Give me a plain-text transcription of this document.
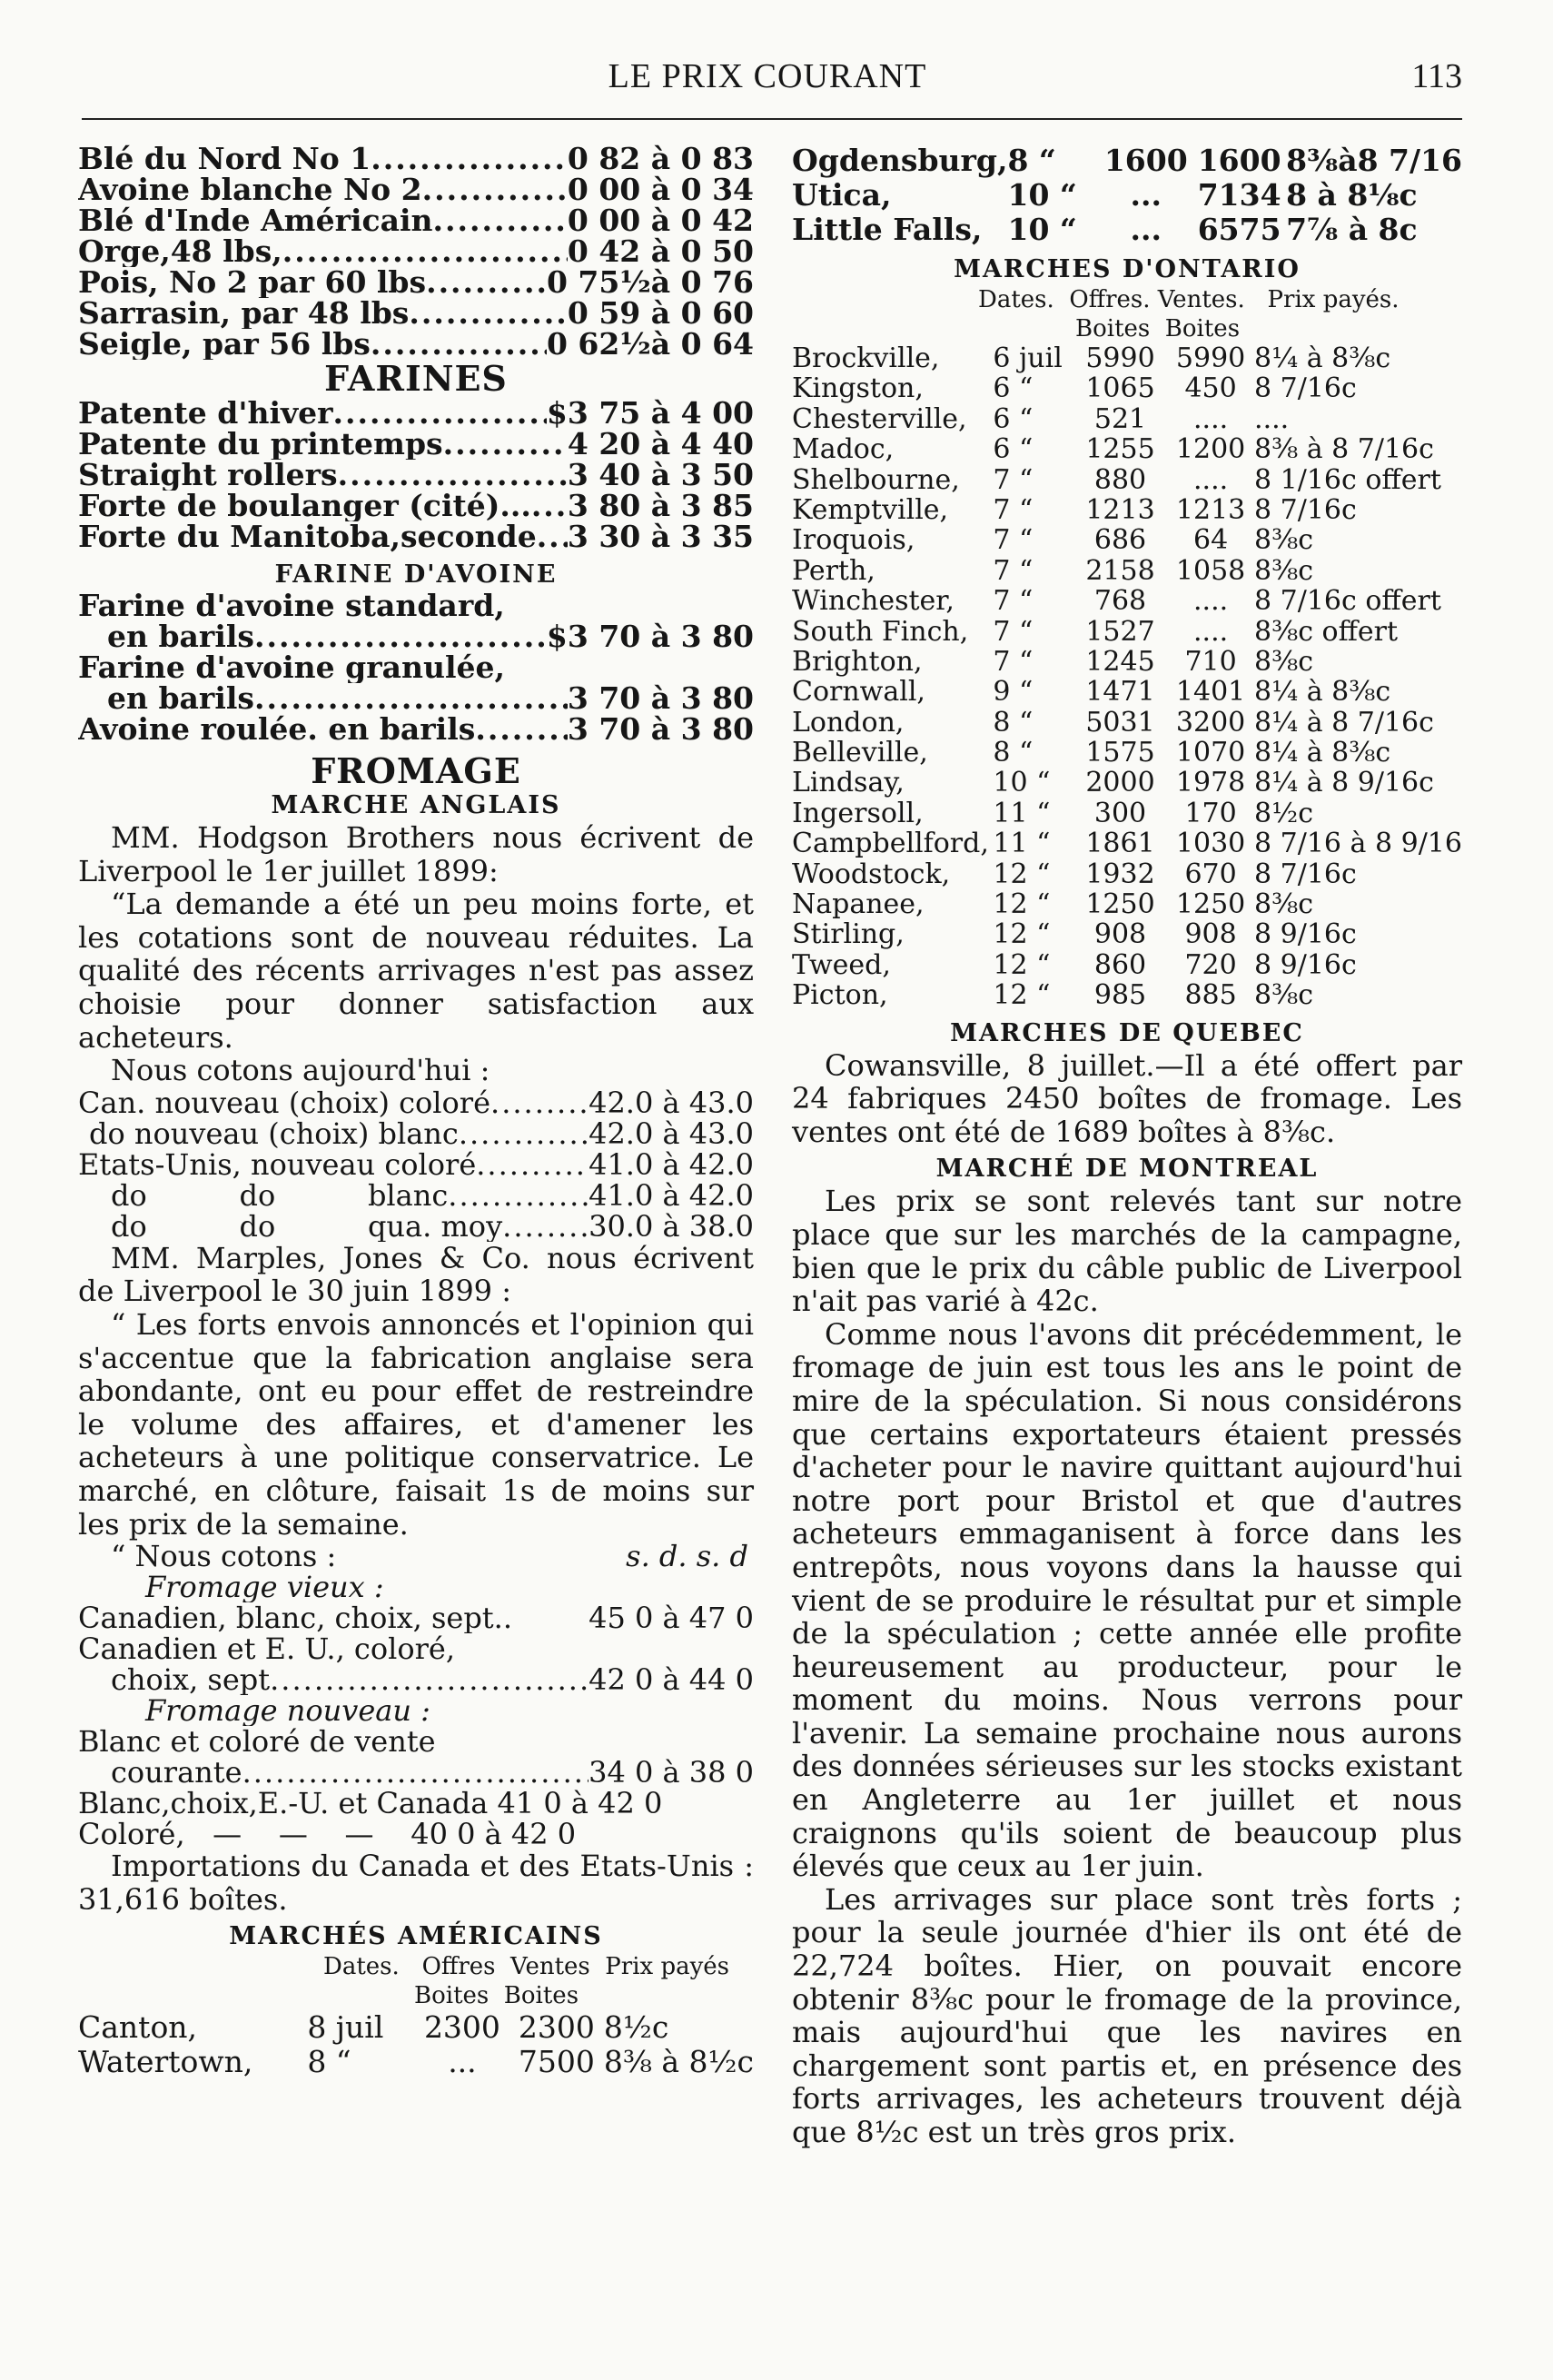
LE PRIX COURANT	113
Blé du Nord No 1 .....	0 82 à 0 83
Avoine blanche No 2 .....	0 00 à 0 34
Blé d'Inde Américain .....	0 00 à 0 42
Orge,48 lbs, .....	0 42 à 0 50
Pois, No 2 par 60 lbs .....	0 75½à 0 76
Sarrasin, par 48 lbs .....	0 59 à 0 60
Seigle, par 56 lbs .....	0 62½à 0 64
FARINES
Patente d'hiver .....	$3 75 à 4 00
Patente du printemps .....	4 20 à 4 40
Straight rollers .....	3 40 à 3 50
Forte de boulanger (cité)... ..... 3 80 à 3 85
Forte du Manitoba,seconde ..... 3 30 à 3 35
FARINE D'AVOINE
Farine d'avoine standard,
en barils .....	$3 70 à 3 80
Farine d'avoine granulée,
en barils .....	3 70 à 3 80
Avoine roulée. en barils .....	3 70 à 3 80
FROMAGE
MARCHE ANGLAIS

MM. Hodgson Brothers nous écrivent de Liverpool le 1er juillet 1899:

“La demande a été un peu moins forte, et les cotations sont de nouveau réduites. La qualité des récents arrivages n'est pas assez choisie pour donner satisfaction aux acheteurs.

Nous cotons aujourd'hui :

Can. nouveau (choix) coloré .....	42.0 à 43.0
do nouveau (choix) blanc .....	42.0 à 43.0
Etats-Unis, nouveau coloré .....	41.0 à 42.0
do          do          blanc .....	41.0 à 42.0
do          do          qua. moy .....	30.0 à 38.0

MM. Marples, Jones & Co. nous écrivent de Liverpool le 30 juin 1899 :

“ Les forts envois annoncés et l'opinion qui s'accentue que la fabrication anglaise sera abondante, ont eu pour effet de restreindre le volume des affaires, et d'amener les acheteurs à une politique conservatrice. Le marché, en clôture, faisait 1s de moins sur les prix de la semaine.

“ Nous cotons :	s. d. s. d
Fromage vieux :
Canadien, blanc, choix, sept..	45 0 à 47 0
Canadien et E. U., coloré,
choix, sept .....	42 0 à 44 0
Fromage nouveau :
Blanc et coloré de vente
courante .....	34 0 à 38 0
Blanc,choix,E.-U. et Canada 41 0 à 42 0
Coloré,   —    —    —    40 0 à 42 0

Importations du Canada et des Etats-Unis : 31,616 boîtes.

MARCHÉS AMÉRICAINS
Dates.   Offres  Ventes  Prix payés
Boites  Boites
Canton,	8 juil	2300	2300	8½c
Watertown,	8 “	...	7500	8⅜ à 8½c
Ogdensburg,	8 “	1600	1600	8⅜à8 7/16
Utica,	10 “	...	7134	8 à 8⅛c
Little Falls,	10 “	...	6575	7⅞ à 8c
MARCHES D'ONTARIO
Dates.  Offres. Ventes.   Prix payés.
Boites  Boites
Brockville,	6 juil	5990	5990	8¼ à 8⅜c
Kingston,	6 “	1065	450	8 7/16c
Chesterville,	6 “	521	....	....
Madoc,	6 “	1255	1200	8⅜ à 8 7/16c
Shelbourne,	7 “	880	....	8 1/16c offert
Kemptville,	7 “	1213	1213	8 7/16c
Iroquois,	7 “	686	64	8⅜c
Perth,	7 “	2158	1058	8⅜c
Winchester,	7 “	768	....	8 7/16c offert
South Finch,	7 “	1527	....	8⅜c offert
Brighton,	7 “	1245	710	8⅜c
Cornwall,	9 “	1471	1401	8¼ à 8⅜c
London,	8 “	5031	3200	8¼ à 8 7/16c
Belleville,	8 “	1575	1070	8¼ à 8⅜c
Lindsay,	10 “	2000	1978	8¼ à 8 9/16c
Ingersoll,	11 “	300	170	8½c
Campbellford,	11 “	1861	1030	8 7/16 à 8 9/16
Woodstock,	12 “	1932	670	8 7/16c
Napanee,	12 “	1250	1250	8⅜c
Stirling,	12 “	908	908	8 9/16c
Tweed,	12 “	860	720	8 9/16c
Picton,	12 “	985	885	8⅜c
MARCHES DE QUEBEC

Cowansville, 8 juillet.—Il a été offert par 24 fabriques 2450 boîtes de fromage. Les ventes ont été de 1689 boîtes à 8⅜c.

MARCHÉ DE MONTREAL

Les prix se sont relevés tant sur notre place que sur les marchés de la campagne, bien que le prix du câble public de Liverpool n'ait pas varié à 42c.

Comme nous l'avons dit précédemment, le fromage de juin est tous les ans le point de mire de la spéculation. Si nous considérons que certains exportateurs étaient pressés d'acheter pour le navire quittant aujourd'hui notre port pour Bristol et que d'autres acheteurs emmaganisent à force dans les entrepôts, nous voyons dans la hausse qui vient de se produire le résultat pur et simple de la spéculation ; cette année elle profite heureusement au producteur, pour le moment du moins. Nous verrons pour l'avenir. La semaine prochaine nous aurons des données sérieuses sur les stocks existant en Angleterre au 1er juillet et nous craignons qu'ils soient de beaucoup plus élevés que ceux au 1er juin.

Les arrivages sur place sont très forts ; pour la seule journée d'hier ils ont été de 22,724 boîtes. Hier, on pouvait encore obtenir 8⅜c pour le fromage de la province, mais aujourd'hui que les navires en chargement sont partis et, en présence des forts arrivages, les acheteurs trouvent déjà que 8½c est un très gros prix.
